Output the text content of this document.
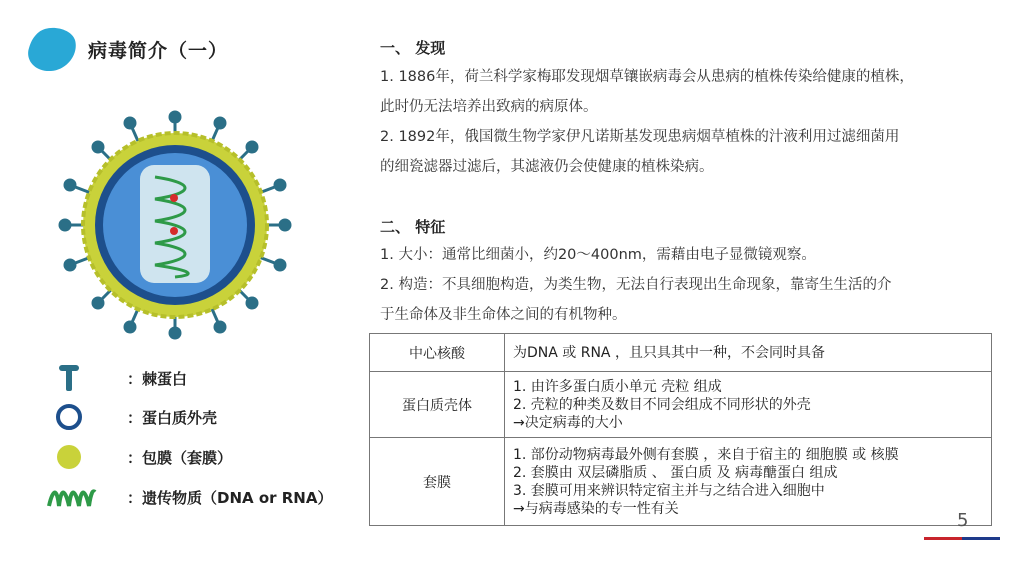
病毒简介（一）
：棘蛋白
：蛋白质外壳
：包膜（套膜）
：遗传物质（DNA or RNA）
一、 发现
1. 1886年，荷兰科学家梅耶发现烟草镶嵌病毒会从患病的植株传染给健康的植株，
此时仍无法培养出致病的病原体。
2. 1892年，俄国微生物学家伊凡诺斯基发现患病烟草植株的汁液利用过滤细菌用
的细瓷滤器过滤后，其滤液仍会使健康的植株染病。
二、 特征
1. 大小：通常比细菌小，约20～400nm，需藉由电子显微镜观察。
2. 构造：不具细胞构造，为类生物，无法自行表现出生命现象，靠寄生生活的介
于生命体及非生命体之间的有机物种。
中心核酸	为DNA 或 RNA ，且只具其中一种，不会同时具备

蛋白质壳体	1. 由许多蛋白质小单元 壳粒 组成
2. 壳粒的种类及数目不同会组成不同形状的外壳
→决定病毒的大小

套膜	1. 部份动物病毒最外侧有套膜 ，来自于宿主的 细胞膜 或 核膜
2. 套膜由 双层磷脂质 、 蛋白质 及 病毒醣蛋白 组成
3. 套膜可用来辨识特定宿主并与之结合进入细胞中
→与病毒感染的专一性有关
5
